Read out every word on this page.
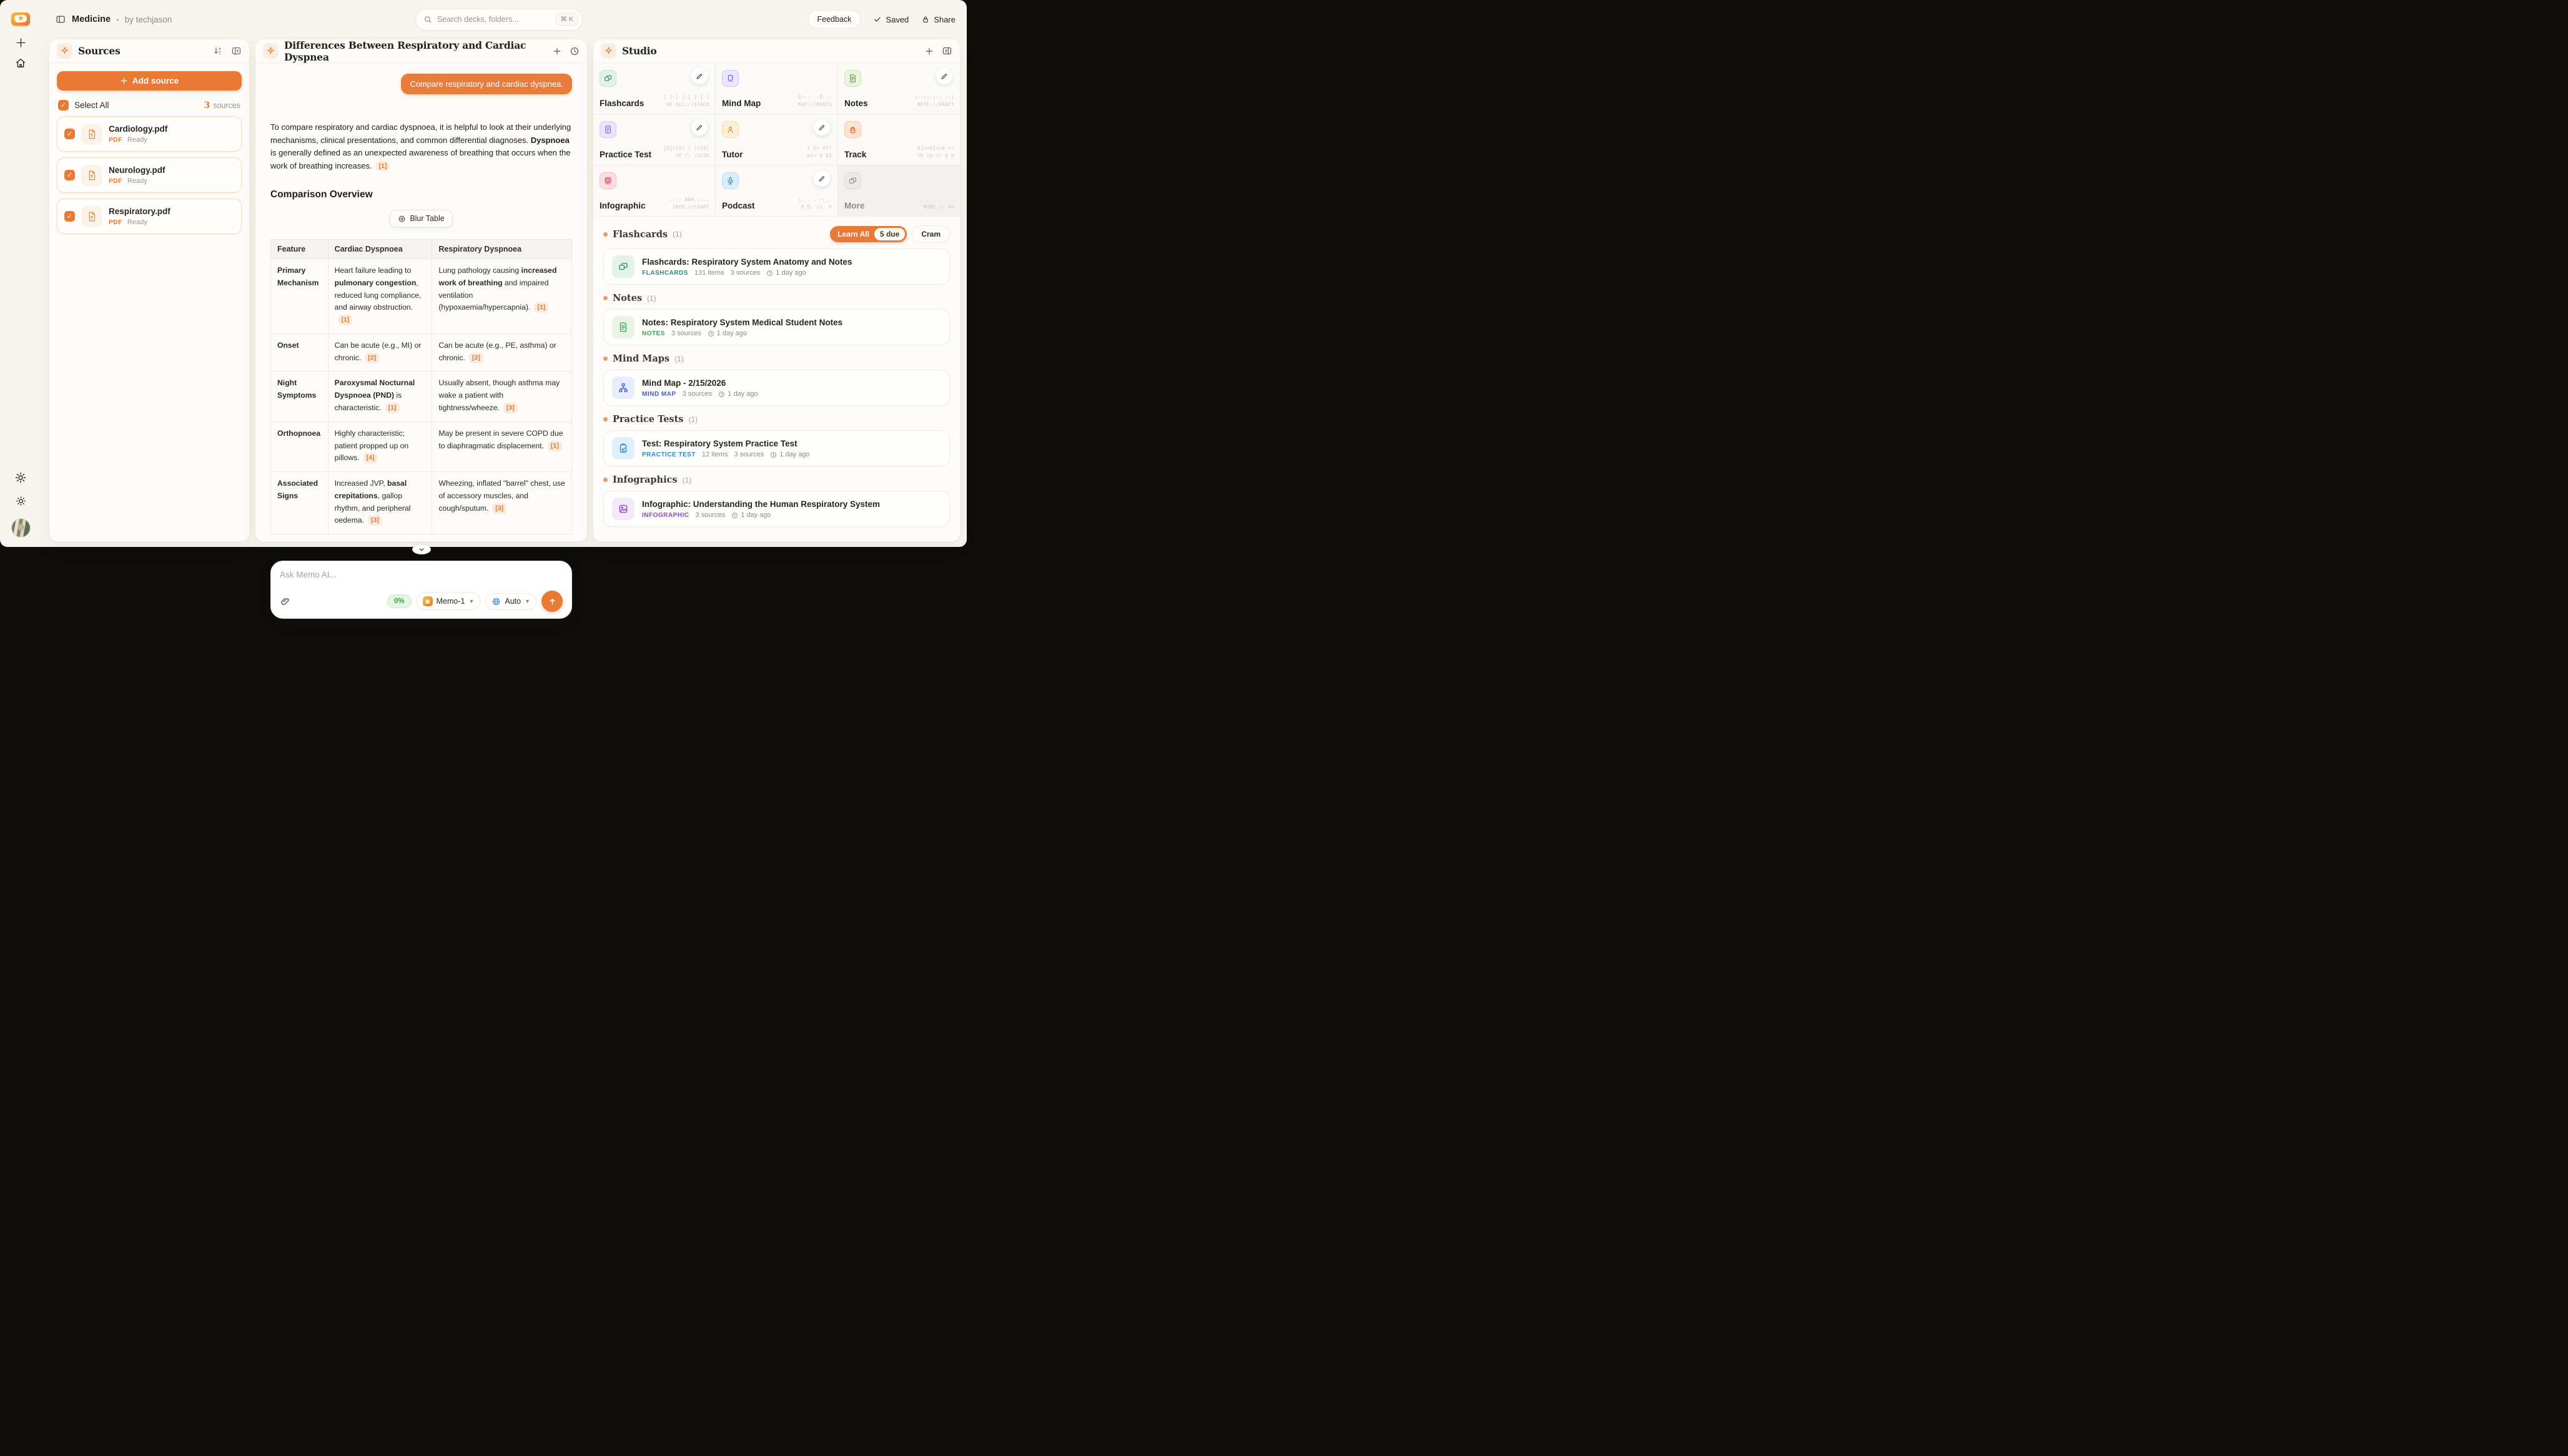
★	Medicine • by techjason
Search decks, folders...	⌘ K	Feedback	Saved	Share
Sources	A
Z
Add source
✓ Select All	3 sources
✓
Cardiology.pdf
PDF Ready
✓
Neurology.pdf
PDF Ready
✓
Respiratory.pdf
PDF Ready
Differences Between Respiratory and Cardiac Dyspnea
Compare respiratory and cardiac dyspnea.

To compare respiratory and cardiac dyspnoea, it is helpful to look at their underlying mechanisms, clinical presentations, and common differential diagnoses. Dyspnoea is generally defined as an unexpected awareness of breathing that occurs when the work of breathing increases. [1]

Comparison Overview
Blur Table
Feature	Cardiac Dyspnoea	Respiratory Dyspnoea
Primary Mechanism	Heart failure leading to pulmonary congestion, reduced lung compliance, and airway obstruction.[1]	Lung pathology causing increased work of breathing and impaired ventilation (hypoxaemia/hypercapnia). [1]
Onset	Can be acute (e.g., MI) or chronic. [2]	Can be acute (e.g., PE, asthma) or chronic. [2]
Night Symptoms	Paroxysmal Nocturnal Dyspnoea (PND) is characteristic. [1]	Usually absent, though asthma may wake a patient with tightness/wheeze. [3]
Orthopnoea	Highly characteristic; patient propped up on pillows. [4]	May be present in severe COPD due to diaphragmatic displacement. [1]
Associated Signs	Increased JVP, basal crepitations, gallop rhythm, and peripheral oedema. [3]	Wheezing, inflated "barrel" chest, use of accessory muscles, and cough/sputum. [3]
Ask Memo AI...
0% ▣	Memo-1 ▼	Auto ▼
Studio
Flashcards
[ ]-[ ]-[ ]-[ ]
RE ALL://STACK Mind Map
O--- --O---
MAP://NODES Notes
|::|::|:: ::|
NOTE://DRAFT
Practice Test
[Q]>[A] [ ]>[A]
TE T: /SCOR Tutor
Y U> HY?
AI> X AI Track
01=>02=>0 =>
TR CK:// A H
Infographic
.::: ###.:::.
INFO://CHART Podcast
|._. . ~._.
P D: /1. X More
. . . . . . .
MORE // OO
Flashcards (1)	Learn All	5 due	Cram
Flashcards: Respiratory System Anatomy and Notes
FLASHCARDS 131 items 3 sources 1 day ago
Notes (1)
Notes: Respiratory System Medical Student Notes
NOTES 3 sources 1 day ago
Mind Maps (1)
Mind Map - 2/15/2026
MIND MAP 3 sources 1 day ago
Practice Tests (1)
Test: Respiratory System Practice Test
PRACTICE TEST 12 items 3 sources 1 day ago
Infographics (1)
Infographic: Understanding the Human Respiratory System
INFOGRAPHIC 3 sources 1 day ago
